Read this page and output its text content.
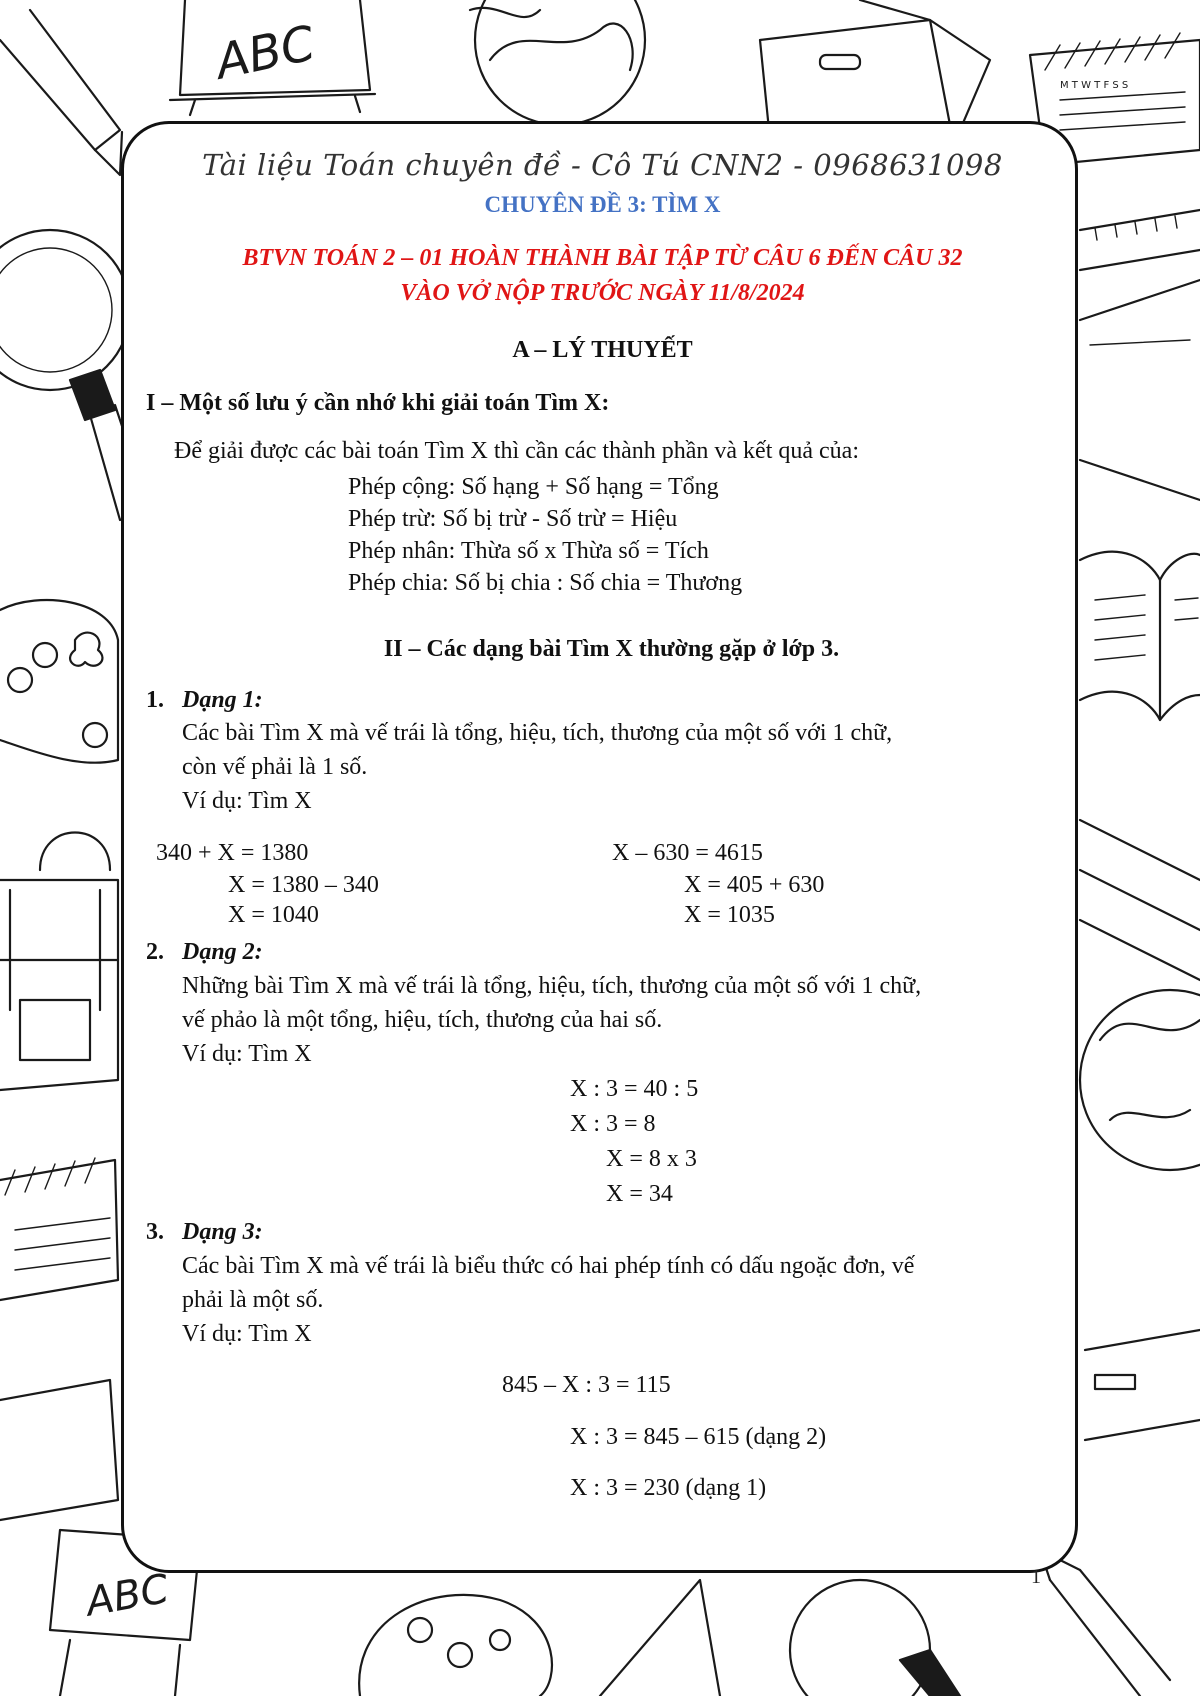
ABC	M T W T F S S
ABC
Tài liệu Toán chuyên đề - Cô Tú CNN2 - 0968631098
CHUYÊN ĐỀ 3: TÌM X
BTVN TOÁN 2 – 01 HOÀN THÀNH BÀI TẬP TỪ CÂU 6 ĐẾN CÂU 32
VÀO VỞ NỘP TRƯỚC NGÀY 11/8/2024
A – LÝ THUYẾT
I – Một số lưu ý cần nhớ khi giải toán Tìm X:
Để giải được các bài toán Tìm X thì cần các thành phần và kết quả của:
Phép cộng: Số hạng + Số hạng = Tổng
Phép trừ: Số bị trừ - Số trừ = Hiệu
Phép nhân: Thừa số x Thừa số = Tích
Phép chia: Số bị chia : Số chia = Thương
II – Các dạng bài Tìm X thường gặp ở lớp 3.
1. Dạng 1:
Các bài Tìm X mà vế trái là tổng, hiệu, tích, thương của một số với 1 chữ,
còn vế phải là 1 số.
Ví dụ: Tìm X
340 + X = 1380
X = 1380 – 340
X = 1040
X – 630 = 4615
X = 405 + 630
X = 1035
2. Dạng 2:
Những bài Tìm X mà vế trái là tổng, hiệu, tích, thương của một số với 1 chữ,
vế phảo là một tổng, hiệu, tích, thương của hai số.
Ví dụ: Tìm X
X : 3 = 40 : 5
X : 3 = 8
X = 8 x 3
X = 34
3. Dạng 3:
Các bài Tìm X mà vế trái là biểu thức có hai phép tính có dấu ngoặc đơn, vế
phải là một số.
Ví dụ: Tìm X
845 – X : 3 = 115
X : 3 = 845 – 615 (dạng 2)
X : 3 = 230 (dạng 1)
1
